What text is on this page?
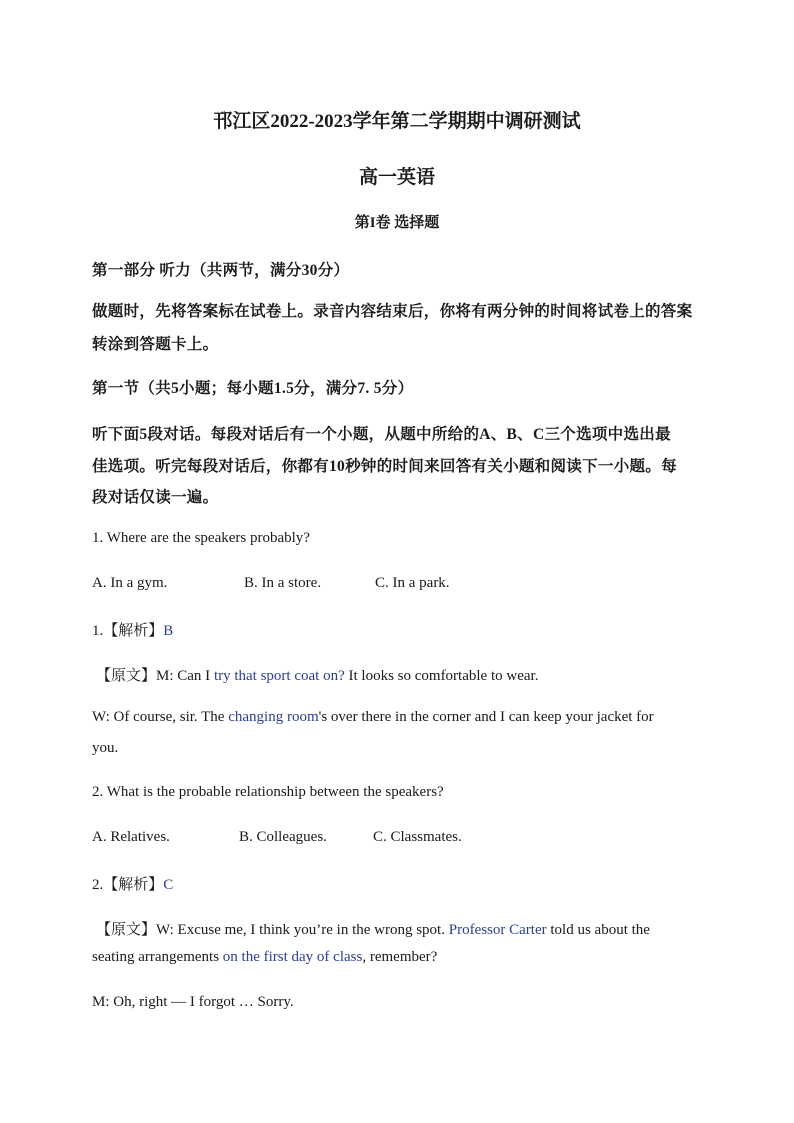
邗江区2022-2023学年第二学期期中调研测试
高一英语
第I卷 选择题
第一部分 听力（共两节，满分30分）
做题时，先将答案标在试卷上。录音内容结束后，你将有两分钟的时间将试卷上的答案
转涂到答题卡上。
第一节（共5小题；每小题1.5分，满分7. 5分）
听下面5段对话。每段对话后有一个小题，从题中所给的A、B、C三个选项中选出最
佳选项。听完每段对话后，你都有10秒钟的时间来回答有关小题和阅读下一小题。每
段对话仅读一遍。
1. Where are the speakers probably?
A. In a gym.	B. In a store.	C. In a park.
1.【解析】B
【原文】M: Can I try that sport coat on? It looks so comfortable to wear.
W: Of course, sir. The changing room's over there in the corner and I can keep your jacket for
you.
2. What is the probable relationship between the speakers?
A. Relatives.	B. Colleagues.	C. Classmates.
2.【解析】C
【原文】W: Excuse me, I think you’re in the wrong spot. Professor Carter told us about the
seating arrangements on the first day of class, remember?
M: Oh, right — I forgot … Sorry.
